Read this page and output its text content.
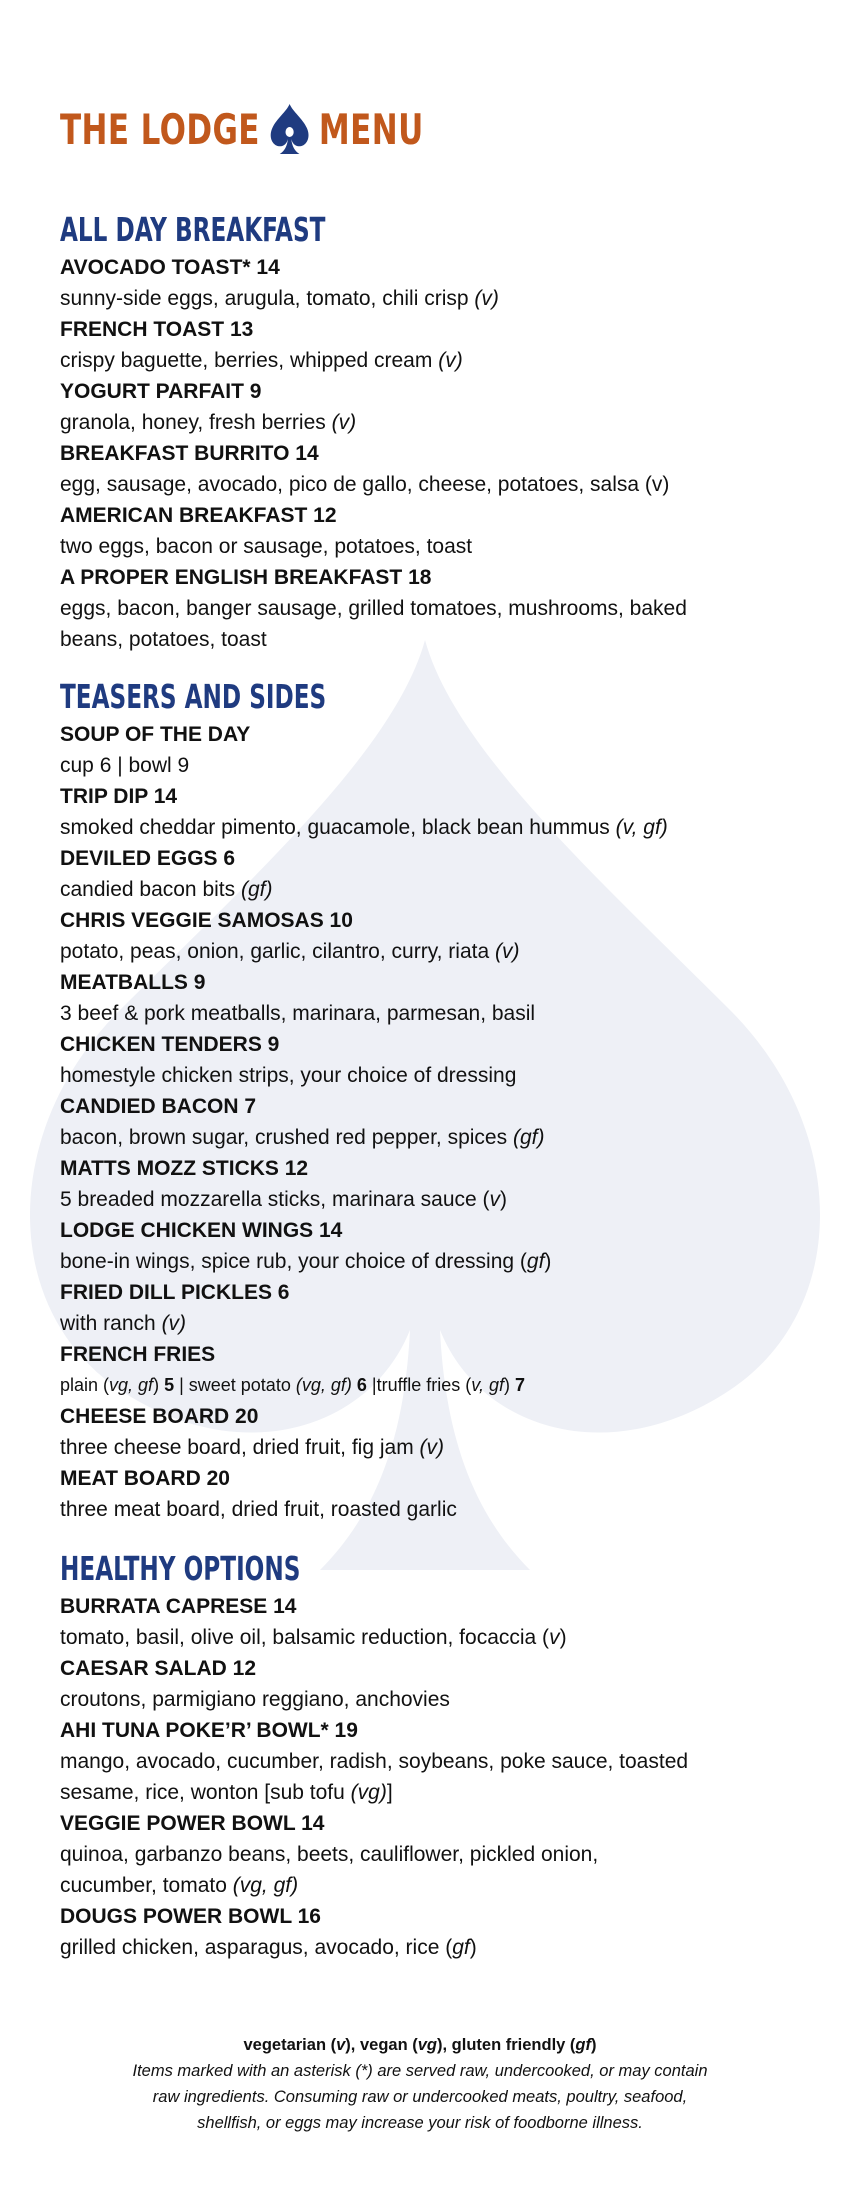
THE LODGE MENU
ALL DAY BREAKFAST

AVOCADO TOAST* 14

sunny-side eggs, arugula, tomato, chili crisp (v)

FRENCH TOAST 13

crispy baguette, berries, whipped cream (v)

YOGURT PARFAIT 9

granola, honey, fresh berries (v)

BREAKFAST BURRITO 14

egg, sausage, avocado, pico de gallo, cheese, potatoes, salsa (v)

AMERICAN BREAKFAST 12

two eggs, bacon or sausage, potatoes, toast

A PROPER ENGLISH BREAKFAST 18

eggs, bacon, banger sausage, grilled tomatoes, mushrooms, baked

beans, potatoes, toast

TEASERS AND SIDES

SOUP OF THE DAY

cup 6 | bowl 9

TRIP DIP 14

smoked cheddar pimento, guacamole, black bean hummus (v, gf)

DEVILED EGGS 6

candied bacon bits (gf)

CHRIS VEGGIE SAMOSAS 10

potato, peas, onion, garlic, cilantro, curry, riata (v)

MEATBALLS 9

3 beef & pork meatballs, marinara, parmesan, basil

CHICKEN TENDERS 9

homestyle chicken strips, your choice of dressing

CANDIED BACON 7

bacon, brown sugar, crushed red pepper, spices (gf)

MATTS MOZZ STICKS 12

5 breaded mozzarella sticks, marinara sauce (v)

LODGE CHICKEN WINGS 14

bone-in wings, spice rub, your choice of dressing (gf)

FRIED DILL PICKLES 6

with ranch (v)

FRENCH FRIES

plain (vg, gf) 5 | sweet potato (vg, gf) 6 |truffle fries (v, gf) 7

CHEESE BOARD 20

three cheese board, dried fruit, fig jam (v)

MEAT BOARD 20

three meat board, dried fruit, roasted garlic

HEALTHY OPTIONS

BURRATA CAPRESE 14

tomato, basil, olive oil, balsamic reduction, focaccia (v)

CAESAR SALAD 12

croutons, parmigiano reggiano, anchovies

AHI TUNA POKE’R’ BOWL* 19

mango, avocado, cucumber, radish, soybeans, poke sauce, toasted

sesame, rice, wonton [sub tofu (vg)]

VEGGIE POWER BOWL 14

quinoa, garbanzo beans, beets, cauliflower, pickled onion,

cucumber, tomato (vg, gf)

DOUGS POWER BOWL 16

grilled chicken, asparagus, avocado, rice (gf)

vegetarian (v), vegan (vg), gluten friendly (gf)
Items marked with an asterisk (*) are served raw, undercooked, or may contain
raw ingredients. Consuming raw or undercooked meats, poultry, seafood,
shellfish, or eggs may increase your risk of foodborne illness.
